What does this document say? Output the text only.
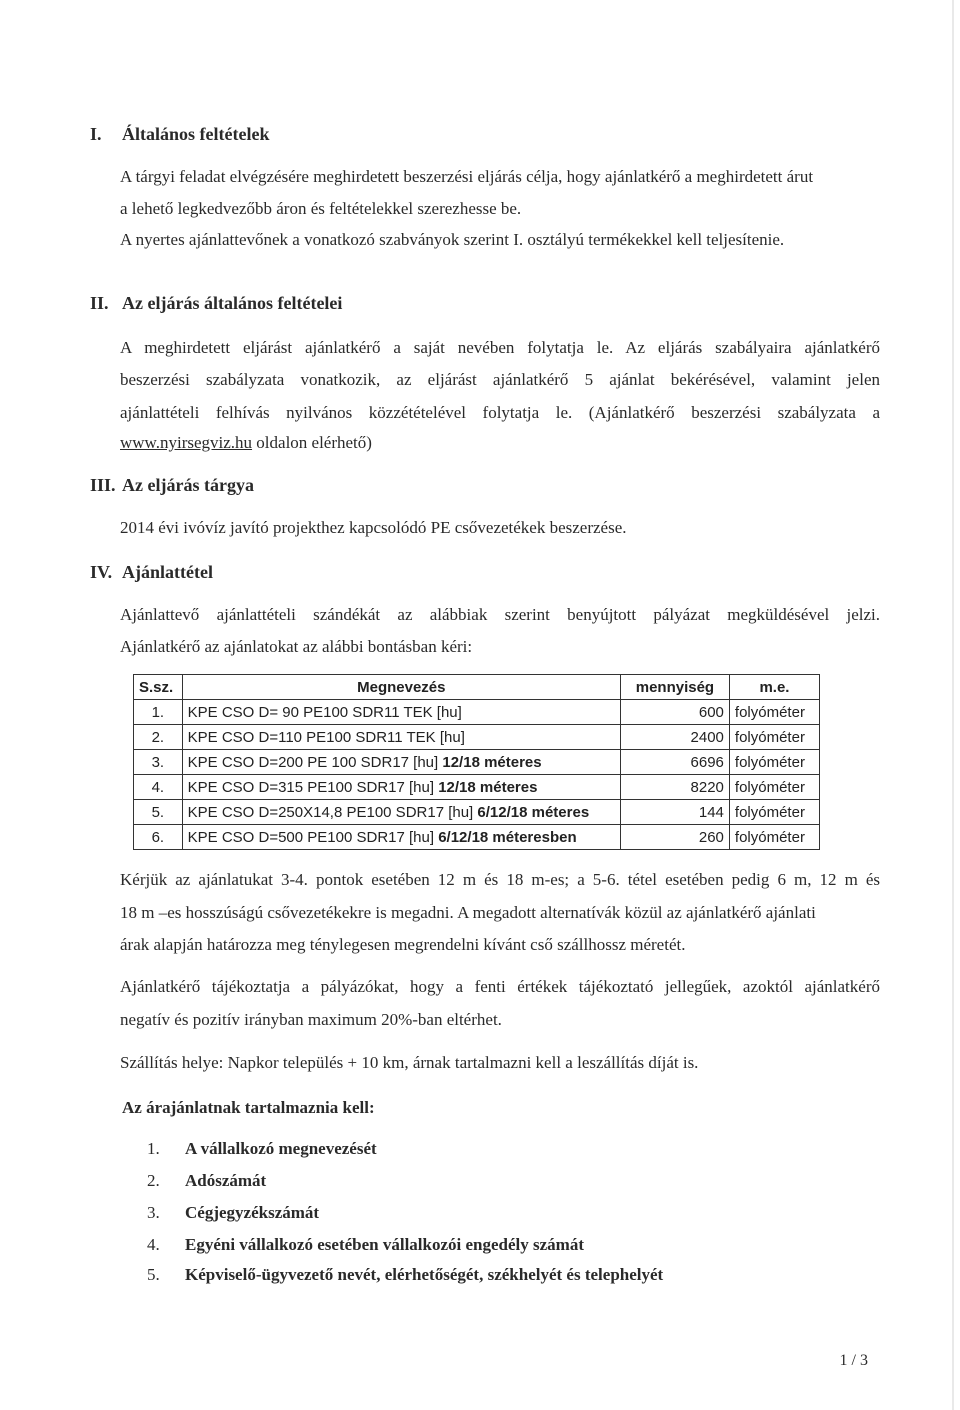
I. Általános feltételek
A tárgyi feladat elvégzésére meghirdetett beszerzési eljárás célja, hogy ajánlatkérő a meghirdetett árut
a lehető legkedvezőbb áron és feltételekkel szerezhesse be.
A nyertes ajánlattevőnek a vonatkozó szabványok szerint I. osztályú termékekkel kell teljesítenie.
II. Az eljárás általános feltételei
A meghirdetett eljárást ajánlatkérő a saját nevében folytatja le. Az eljárás szabályaira ajánlatkérő
beszerzési szabályzata vonatkozik, az eljárást ajánlatkérő 5 ajánlat bekérésével, valamint jelen
ajánlattételi felhívás nyilvános közzétételével folytatja le. (Ajánlatkérő beszerzési szabályzata a
www.nyirsegviz.hu oldalon elérhető)
III. Az eljárás tárgya
2014 évi ivóvíz javító projekthez kapcsolódó PE csővezetékek beszerzése.
IV. Ajánlattétel
Ajánlattevő ajánlattételi szándékát az alábbiak szerint benyújtott pályázat megküldésével jelzi.
Ajánlatkérő az ajánlatokat az alábbi bontásban kéri:
S.sz.	Megnevezés	mennyiség	m.e.
1.	KPE CSO D= 90 PE100 SDR11 TEK [hu]	600	folyóméter
2.	KPE CSO D=110 PE100 SDR11 TEK [hu]	2400	folyóméter
3.	KPE CSO D=200 PE 100 SDR17 [hu] 12/18 méteres	6696	folyóméter
4.	KPE CSO D=315 PE100 SDR17 [hu] 12/18 méteres	8220	folyóméter
5.	KPE CSO D=250X14,8 PE100 SDR17 [hu] 6/12/18 méteres	144	folyóméter
6.	KPE CSO D=500 PE100 SDR17 [hu] 6/12/18 méteresben	260	folyóméter
Kérjük az ajánlatukat 3-4. pontok esetében 12 m és 18 m-es; a 5-6. tétel esetében pedig 6 m, 12 m és
18 m –es hosszúságú csővezetékekre is megadni. A megadott alternatívák közül az ajánlatkérő ajánlati
árak alapján határozza meg ténylegesen megrendelni kívánt cső szállhossz méretét.
Ajánlatkérő tájékoztatja a pályázókat, hogy a fenti értékek tájékoztató jellegűek, azoktól ajánlatkérő
negatív és pozitív irányban maximum 20%-ban eltérhet.
Szállítás helye: Napkor település + 10 km, árnak tartalmazni kell a leszállítás díját is.
Az árajánlatnak tartalmaznia kell:
1. A vállalkozó megnevezését
2. Adószámát
3. Cégjegyzékszámát
4. Egyéni vállalkozó esetében vállalkozói engedély számát
5. Képviselő-ügyvezető nevét, elérhetőségét, székhelyét és telephelyét
1 / 3
